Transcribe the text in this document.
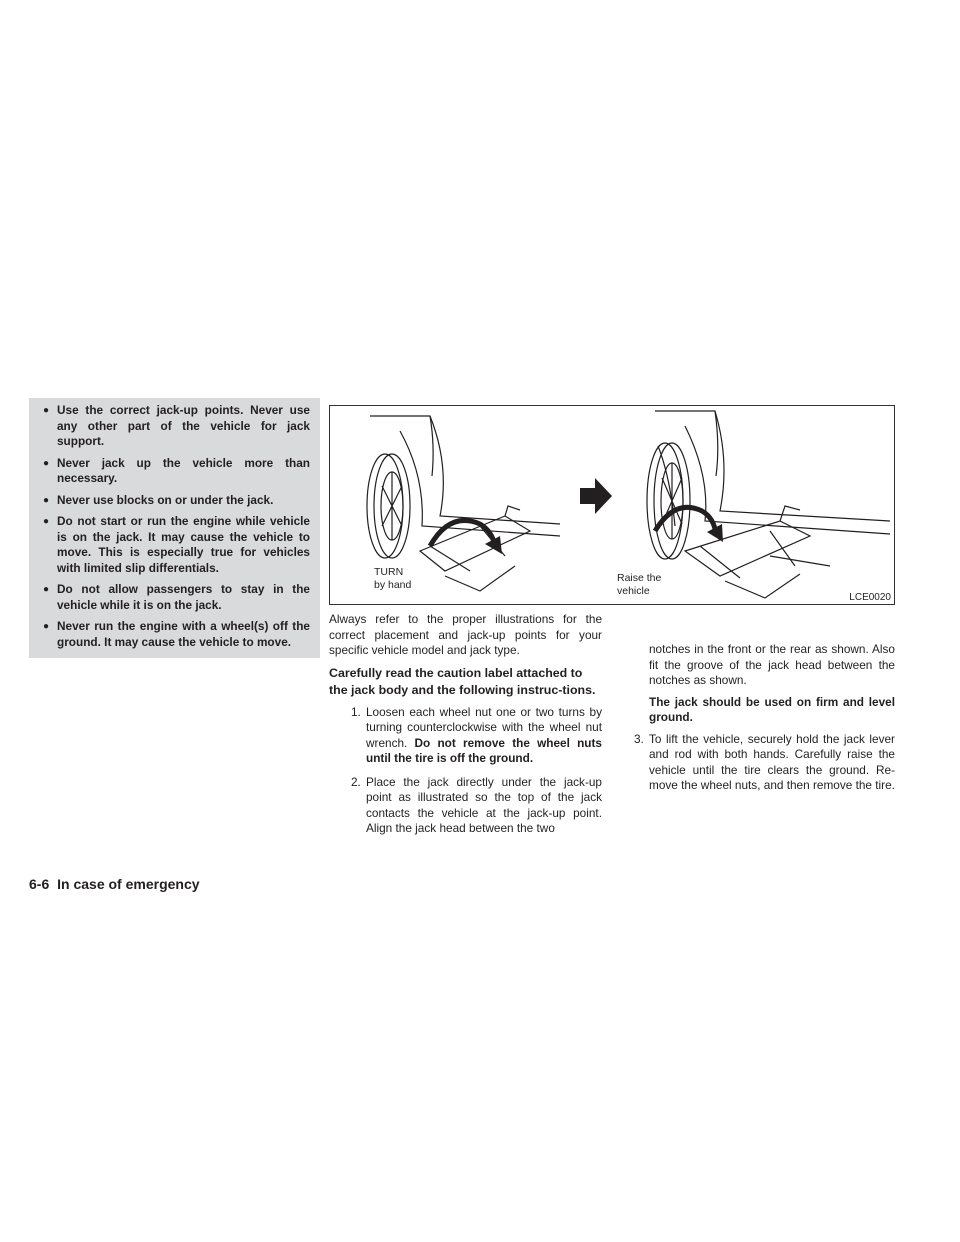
● Use the correct jack-up points. Never use any other part of the vehicle for jack support.
● Never jack up the vehicle more than necessary.
● Never use blocks on or under the jack.
● Do not start or run the engine while vehicle is on the jack. It may cause the vehicle to move. This is especially true for vehicles with limited slip differentials.
● Do not allow passengers to stay in the vehicle while it is on the jack.
● Never run the engine with a wheel(s) off the ground. It may cause the vehicle to move.
TURN
by hand
Raise the
vehicle
LCE0020

Always refer to the proper illustrations for the correct placement and jack-up points for your specific vehicle model and jack type.

Carefully read the caution label attached to the jack body and the following instruc-tions.

1. Loosen each wheel nut one or two turns by turning counterclockwise with the wheel nut wrench. Do not remove the wheel nuts until the tire is off the ground.
2. Place the jack directly under the jack-up point as illustrated so the top of the jack contacts the vehicle at the jack-up point. Align the jack head between the two

notches in the front or the rear as shown. Also fit the groove of the jack head between the notches as shown.

The jack should be used on firm and level ground.

3. To lift the vehicle, securely hold the jack lever and rod with both hands. Carefully raise the vehicle until the tire clears the ground. Re-move the wheel nuts, and then remove the tire.
6-6 In case of emergency
